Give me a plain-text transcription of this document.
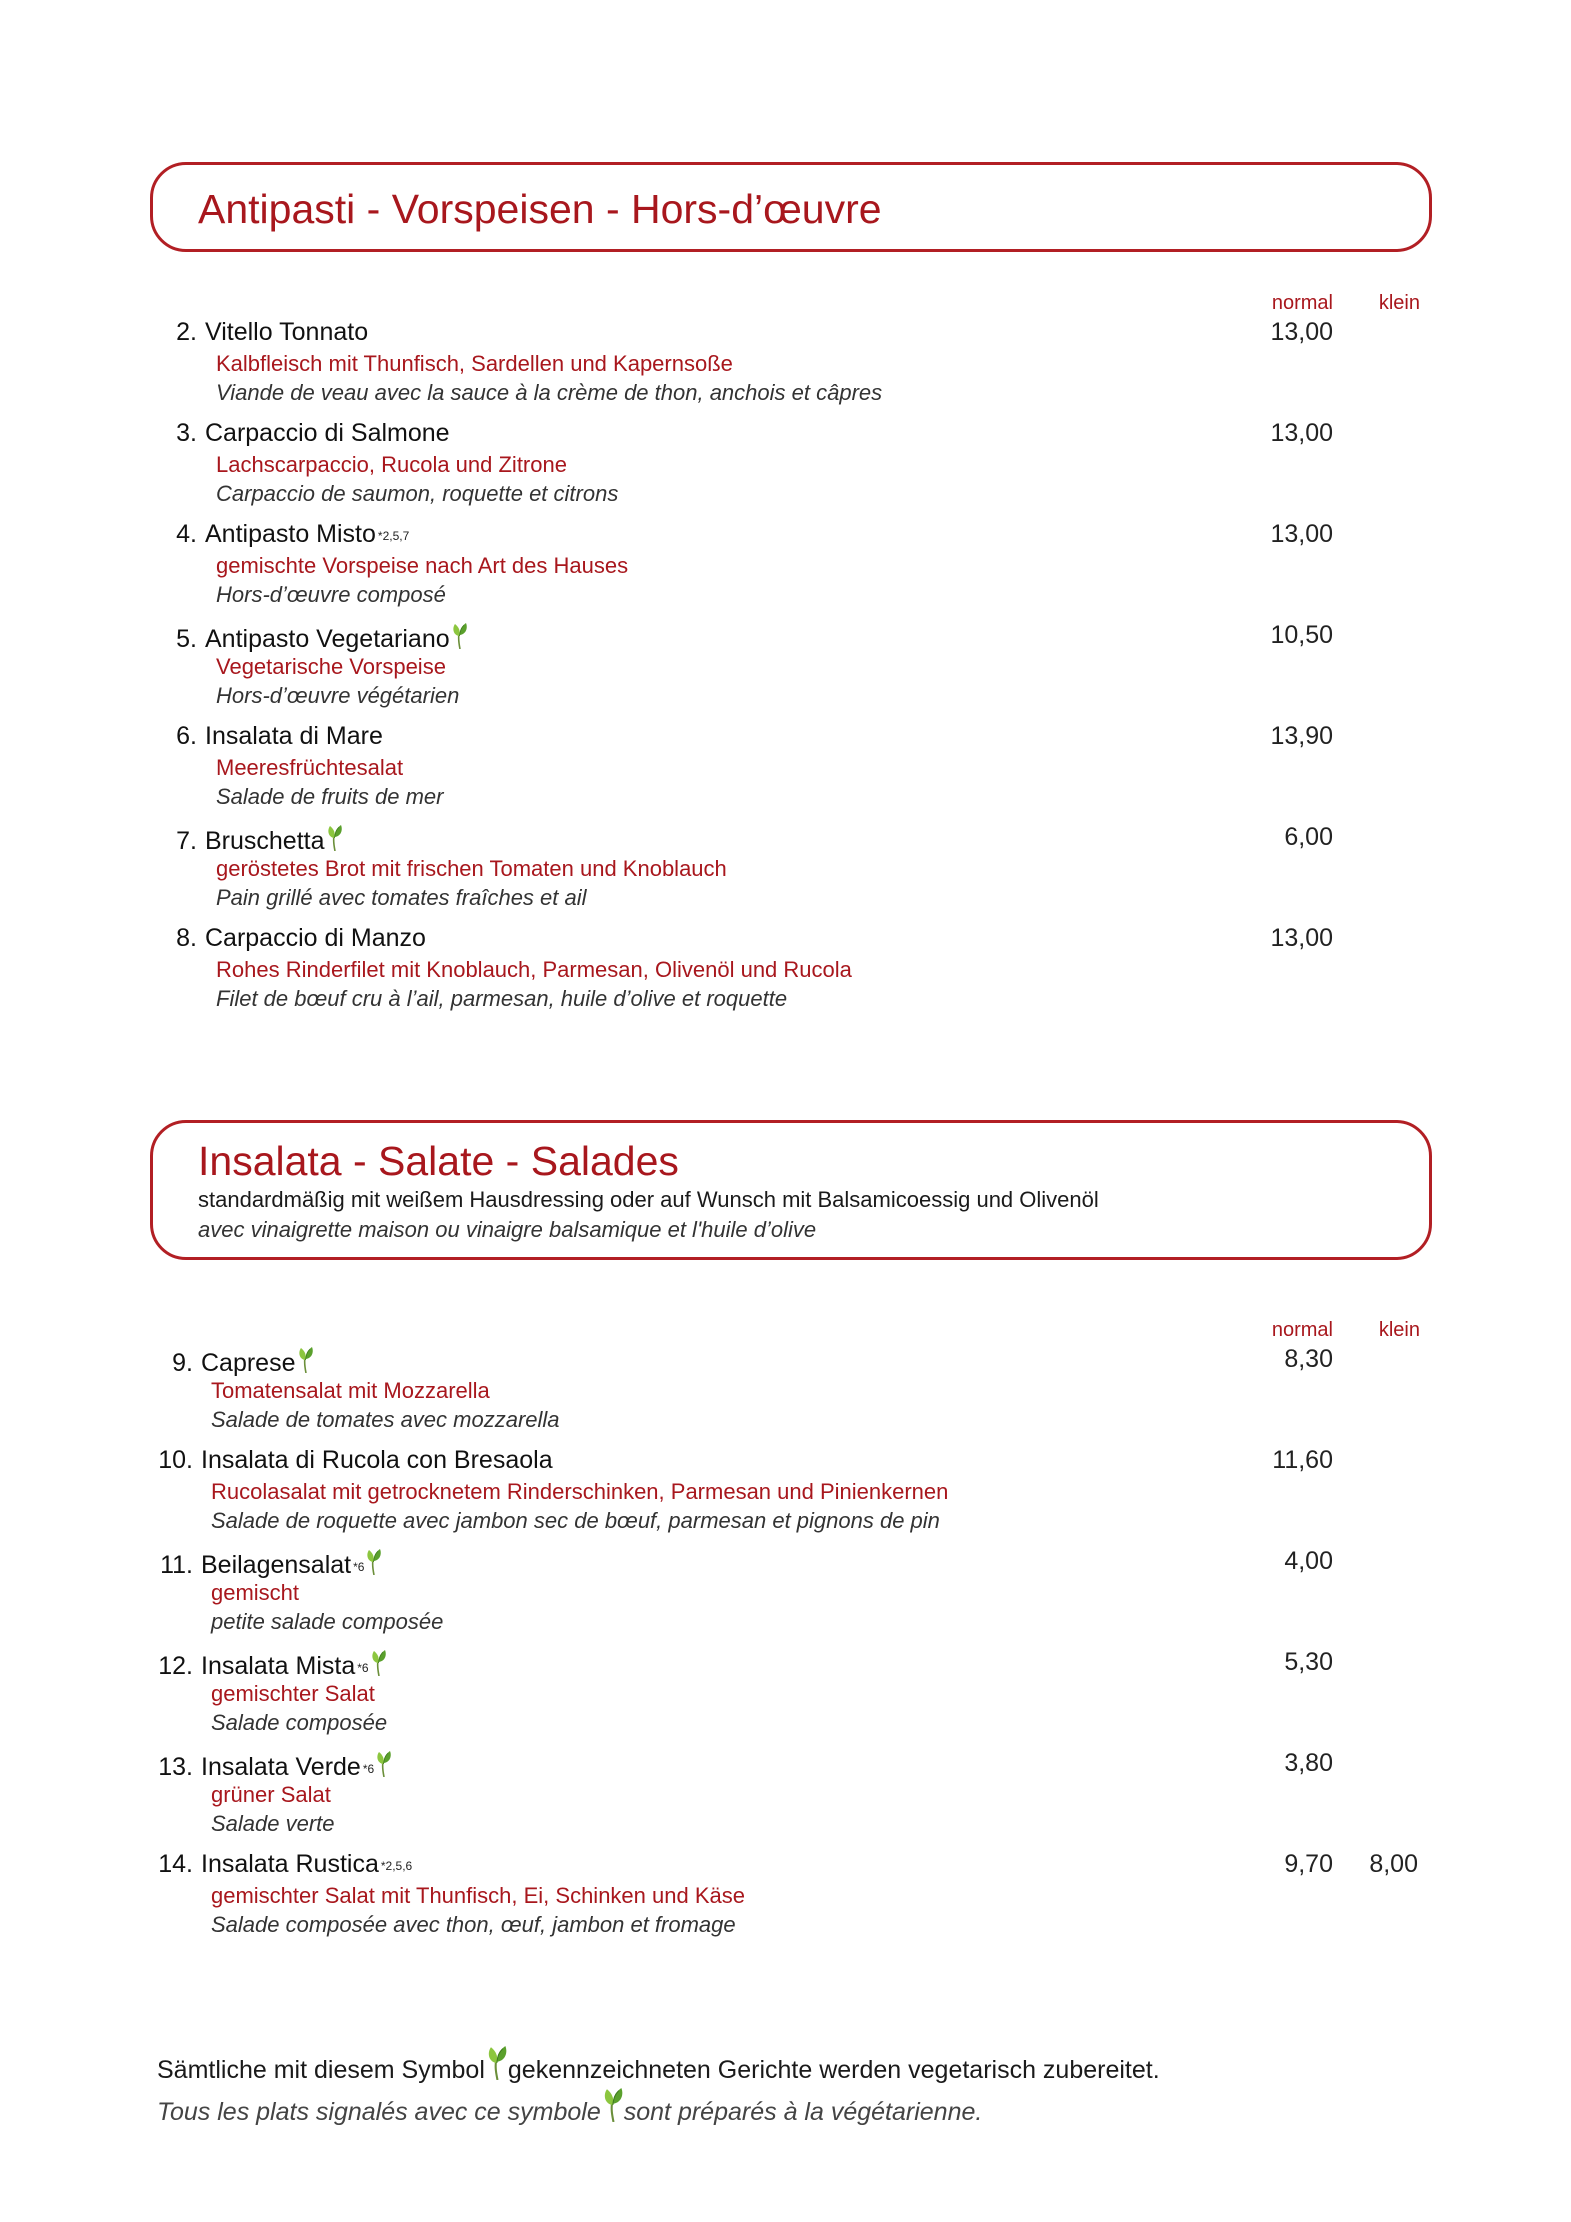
Antipasti - Vorspeisen - Hors-d’œuvre
normal	klein
2. Vitello Tonnato
Kalbfleisch mit Thunfisch, Sardellen und Kapernsoße
Viande de veau avec la sauce à la crème de thon, anchois et câpres
13,00
3. Carpaccio di Salmone
Lachscarpaccio, Rucola und Zitrone
Carpaccio de saumon, roquette et citrons
13,00
4. Antipasto Misto *2,5,7
gemischte Vorspeise nach Art des Hauses
Hors-d’œuvre composé
13,00
5. Antipasto Vegetariano
Vegetarische Vorspeise
Hors-d’œuvre végétarien
10,50
6. Insalata di Mare
Meeresfrüchtesalat
Salade de fruits de mer
13,90
7. Bruschetta
geröstetes Brot mit frischen Tomaten und Knoblauch
Pain grillé avec tomates fraîches et ail
6,00
8. Carpaccio di Manzo
Rohes Rinderfilet mit Knoblauch, Parmesan, Olivenöl und Rucola
Filet de bœuf cru à l’ail, parmesan, huile d’olive et roquette
13,00
Insalata - Salate - Salades
standardmäßig mit weißem Hausdressing oder auf Wunsch mit Balsamicoessig und Olivenöl
avec vinaigrette maison ou vinaigre balsamique et l'huile d’olive
normal	klein
9. Caprese
Tomatensalat mit Mozzarella
Salade de tomates avec mozzarella
8,30
10. Insalata di Rucola con Bresaola
Rucolasalat mit getrocknetem Rinderschinken, Parmesan und Pinienkernen
Salade de roquette avec jambon sec de bœuf, parmesan et pignons de pin
11,60
11. Beilagensalat *6
gemischt
petite salade composée
4,00
12. Insalata Mista *6
gemischter Salat
Salade composée
5,30
13. Insalata Verde *6
grüner Salat
Salade verte
3,80
14. Insalata Rustica *2,5,6
gemischter Salat mit Thunfisch, Ei, Schinken und Käse
Salade composée avec thon, œuf, jambon et fromage
9,70	8,00
Sämtliche mit diesem Symbol gekennzeichneten Gerichte werden vegetarisch zubereitet.
Tous les plats signalés avec ce symbole sont préparés à la végétarienne.
